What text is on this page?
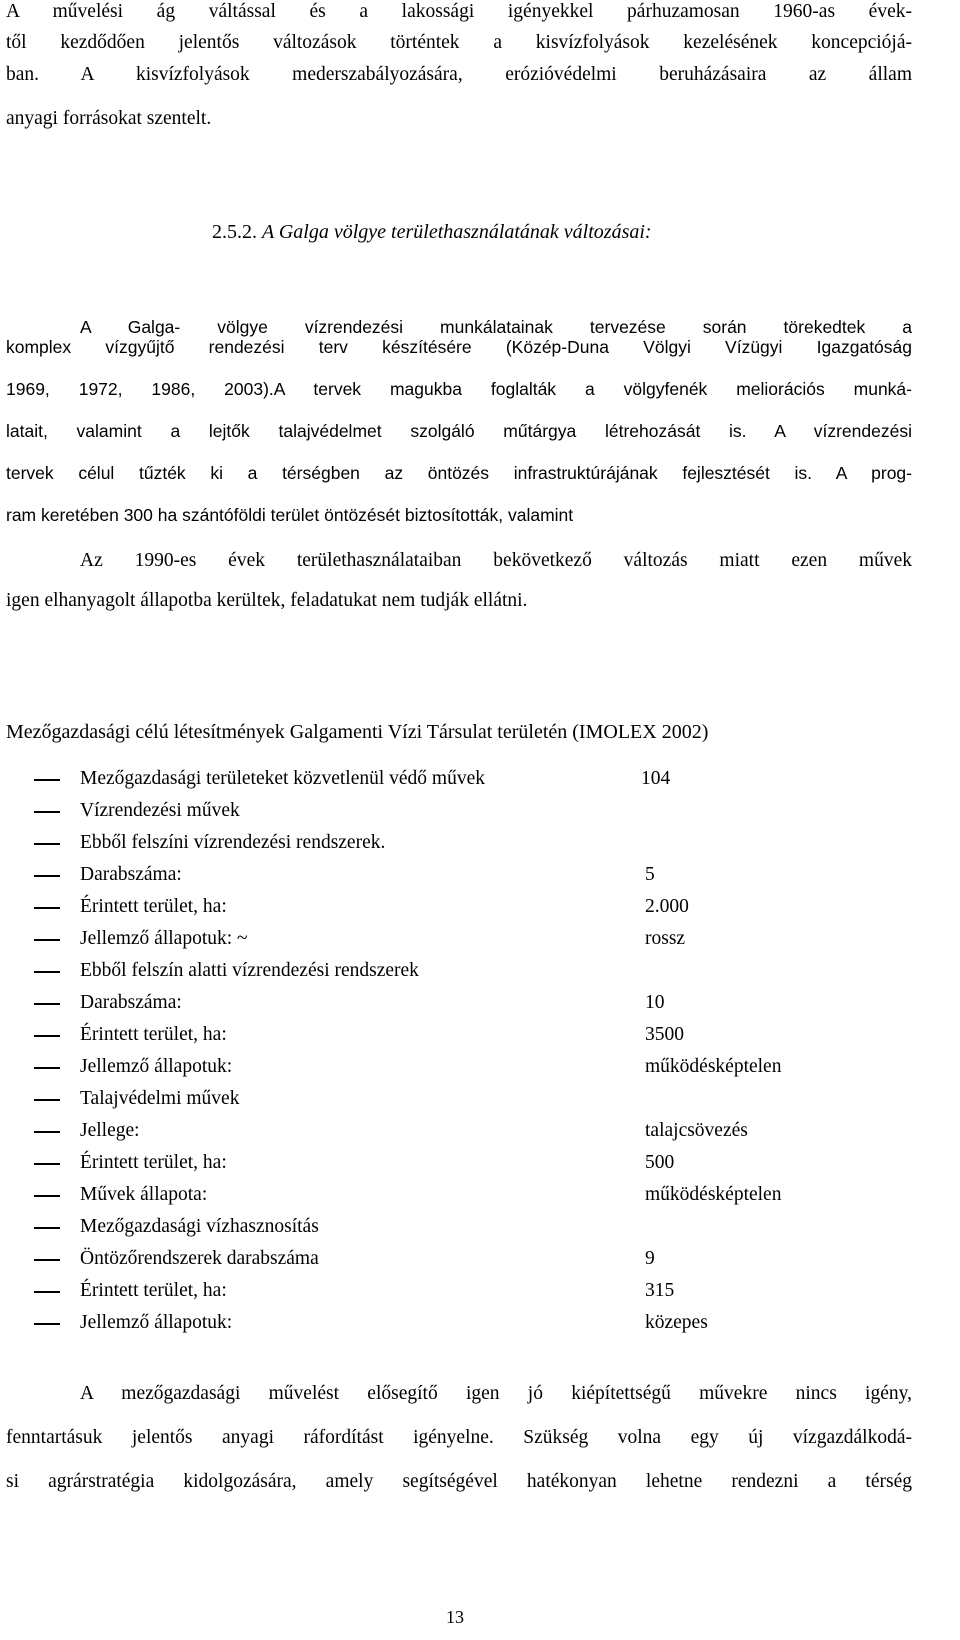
A művelési ág váltással és a lakossági igényekkel párhuzamosan 1960-as évek-
től kezdődően jelentős változások történtek a kisvízfolyások kezelésének koncepciójá-
ban. A kisvízfolyások mederszabályozására, erózióvédelmi beruházásaira az állam
anyagi forrásokat szentelt.
2.5.2. A Galga völgye területhasználatának változásai:
A Galga- völgye vízrendezési munkálatainak tervezése során törekedtek a
komplex vízgyűjtő rendezési terv készítésére (Közép-Duna Völgyi Vízügyi Igazgatóság
1969, 1972, 1986, 2003).A tervek magukba foglalták a völgyfenék meliorációs munká-
latait, valamint a lejtők talajvédelmet szolgáló műtárgya létrehozását is. A vízrendezési
tervek célul tűzték ki a térségben az öntözés infrastruktúrájának fejlesztését is. A prog-
ram keretében 300 ha szántóföldi terület öntözését biztosították, valamint
Az 1990-es évek területhasználataiban bekövetkező változás miatt ezen művek
igen elhanyagolt állapotba kerültek, feladatukat nem tudják ellátni.
Mezőgazdasági célú létesítmények Galgamenti Vízi Társulat területén (IMOLEX 2002)
Mezőgazdasági területeket közvetlenül védő művek	104
Vízrendezési művek
Ebből felszíni vízrendezési rendszerek.
Darabszáma:	5
Érintett terület, ha:	2.000
Jellemző állapotuk: ~	rossz
Ebből felszín alatti vízrendezési rendszerek
Darabszáma:	10
Érintett terület, ha:	3500
Jellemző állapotuk:	működésképtelen
Talajvédelmi művek
Jellege:	talajcsövezés
Érintett terület, ha:	500
Művek állapota:	működésképtelen
Mezőgazdasági vízhasznosítás
Öntözőrendszerek darabszáma	9
Érintett terület, ha:	315
Jellemző állapotuk:	közepes
A mezőgazdasági művelést elősegítő igen jó kiépítettségű művekre nincs igény,
fenntartásuk jelentős anyagi ráfordítást igényelne. Szükség volna egy új vízgazdálkodá-
si agrárstratégia kidolgozására, amely segítségével hatékonyan lehetne rendezni a térség
13
